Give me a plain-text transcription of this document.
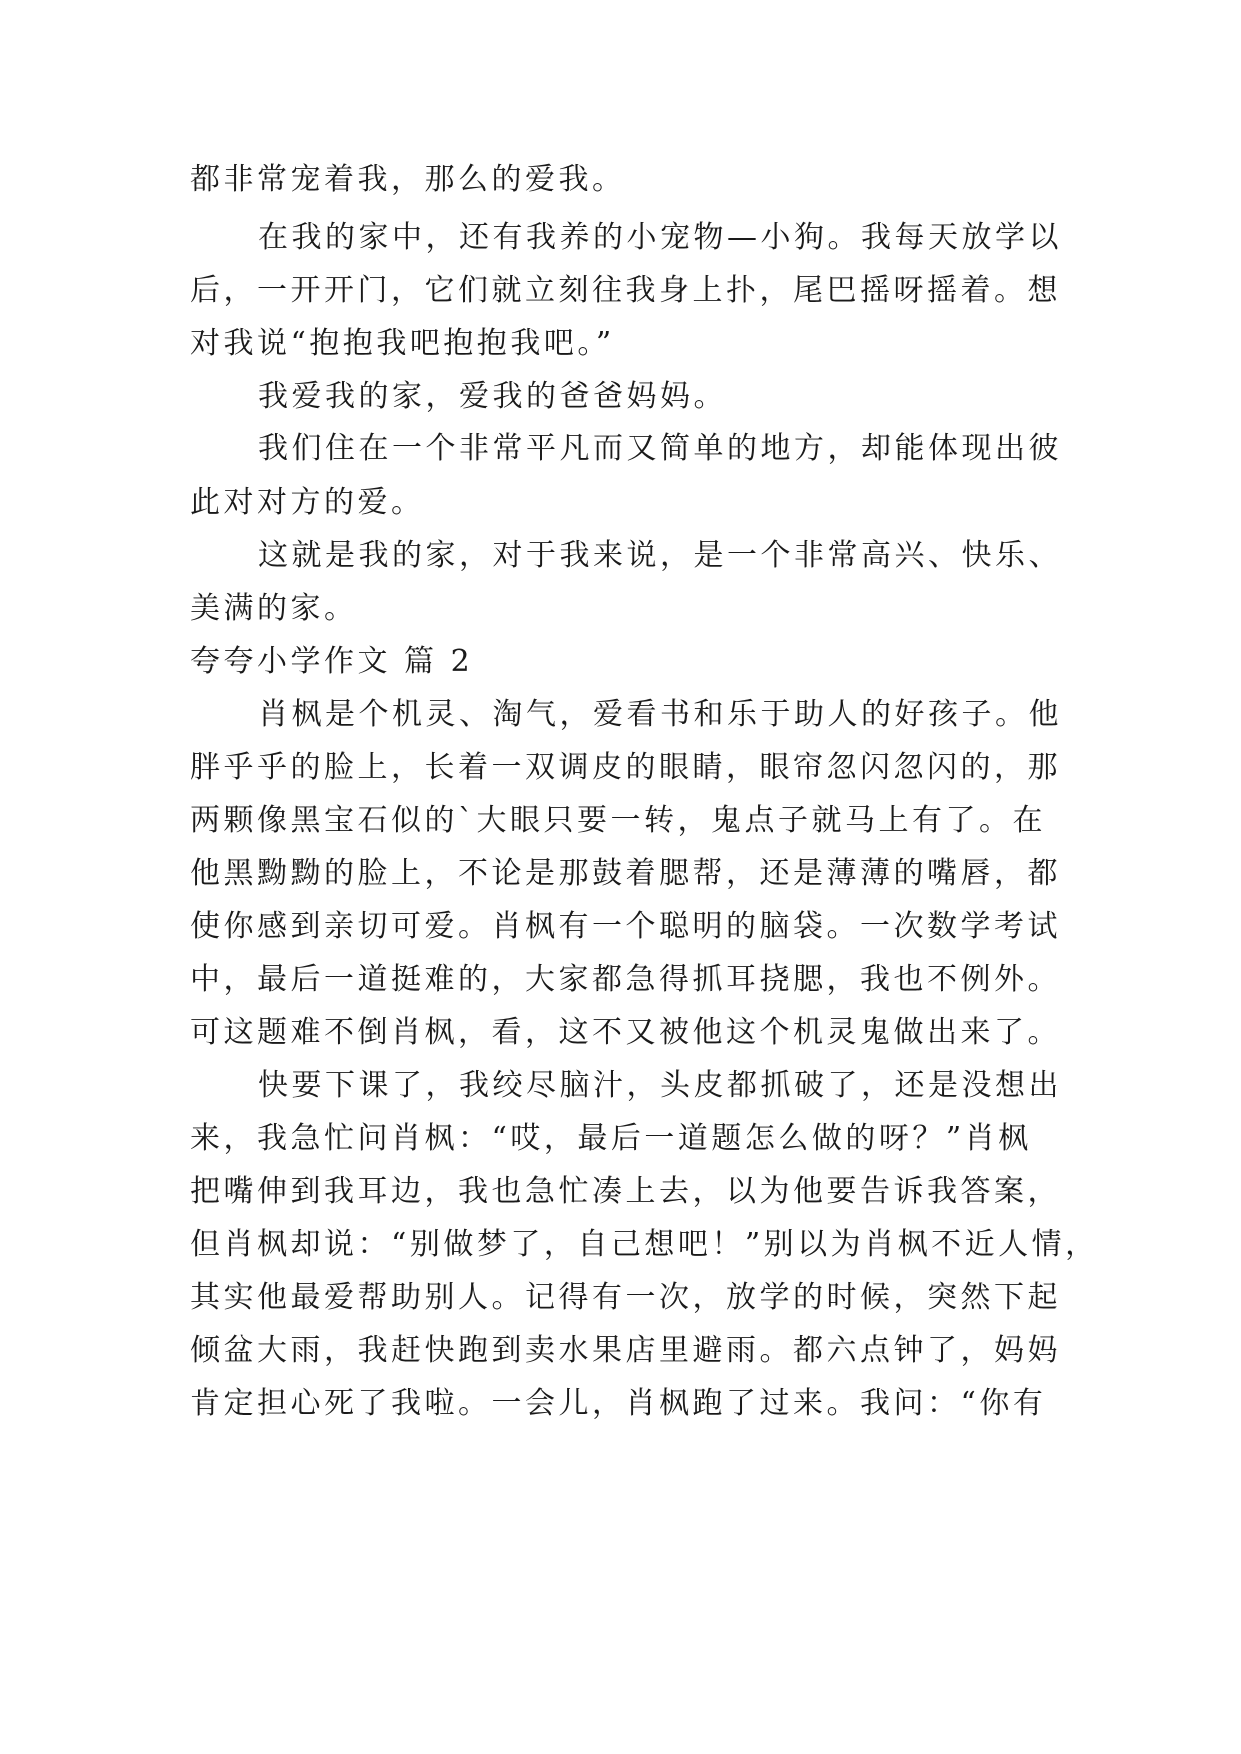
都非常宠着我，那么的爱我。
在我的家中，还有我养的小宠物—小狗。我每天放学以
后，一开开门，它们就立刻往我身上扑，尾巴摇呀摇着。想
对我说“抱抱我吧抱抱我吧。”
我爱我的家，爱我的爸爸妈妈。
我们住在一个非常平凡而又简单的地方，却能体现出彼
此对对方的爱。
这就是我的家，对于我来说，是一个非常高兴、快乐、
美满的家。
夸夸小学作文 篇 2
肖枫是个机灵、淘气，爱看书和乐于助人的好孩子。他
胖乎乎的脸上，长着一双调皮的眼睛，眼帘忽闪忽闪的，那
两颗像黑宝石似的`大眼只要一转，鬼点子就马上有了。在
他黑黝黝的脸上，不论是那鼓着腮帮，还是薄薄的嘴唇，都
使你感到亲切可爱。肖枫有一个聪明的脑袋。一次数学考试
中，最后一道挺难的，大家都急得抓耳挠腮，我也不例外。
可这题难不倒肖枫，看，这不又被他这个机灵鬼做出来了。
快要下课了，我绞尽脑汁，头皮都抓破了，还是没想出
来，我急忙问肖枫：“哎，最后一道题怎么做的呀？”肖枫
把嘴伸到我耳边，我也急忙凑上去，以为他要告诉我答案，
但肖枫却说：“别做梦了，自己想吧！”别以为肖枫不近人情，
其实他最爱帮助别人。记得有一次，放学的时候，突然下起
倾盆大雨，我赶快跑到卖水果店里避雨。都六点钟了，妈妈
肯定担心死了我啦。一会儿，肖枫跑了过来。我问：“你有
